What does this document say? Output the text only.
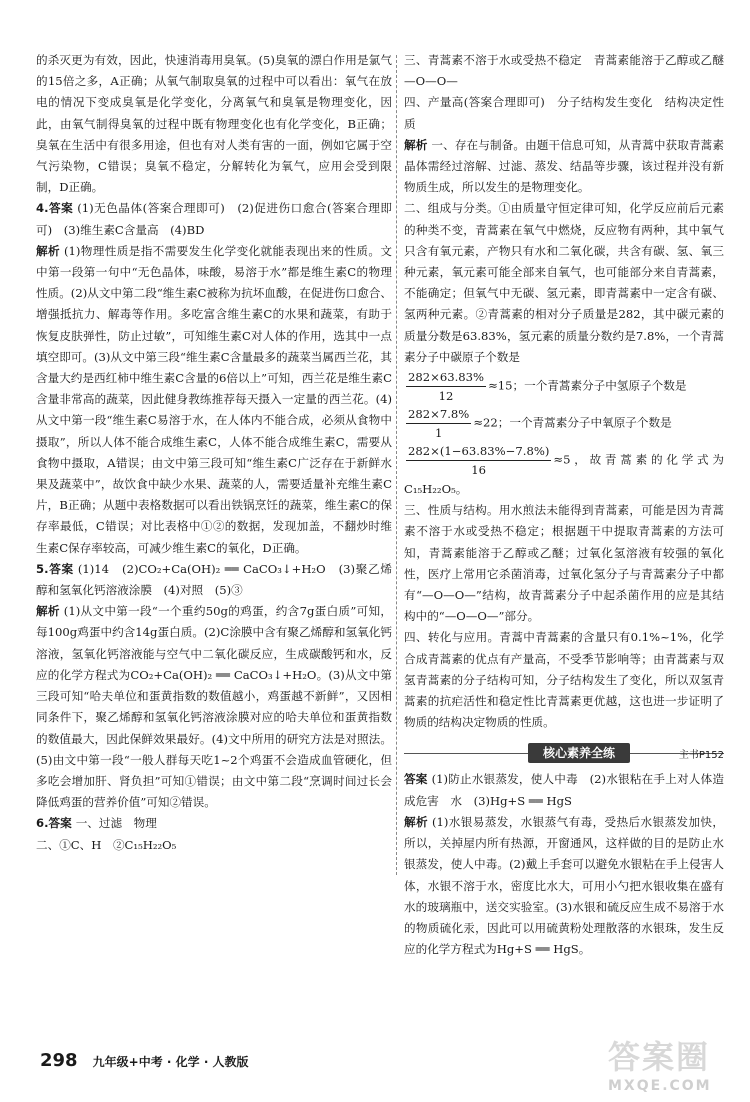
的杀灭更为有效，因此，快速消毒用臭氧。(5)臭氧的漂白作用是氯气的15倍之多，A正确；从氧气制取臭氧的过程中可以看出：氧气在放电的情况下变成臭氧是化学变化，分离氧气和臭氧是物理变化，因此，由氧气制得臭氧的过程中既有物理变化也有化学变化，B正确；臭氧在生活中有很多用途，但也有对人类有害的一面，例如它属于空气污染物，C错误；臭氧不稳定，分解转化为氧气，应用会受到限制，D正确。

4.答案 (1)无色晶体(答案合理即可)　(2)促进伤口愈合(答案合理即可)　(3)维生素C含量高　(4)BD

解析 (1)物理性质是指不需要发生化学变化就能表现出来的性质。文中第一段第一句中“无色晶体，味酸，易溶于水”都是维生素C的物理性质。(2)从文中第二段“维生素C被称为抗坏血酸，在促进伤口愈合、增强抵抗力、解毒等作用。多吃富含维生素C的水果和蔬菜，有助于恢复皮肤弹性，防止过敏”，可知维生素C对人体的作用，选其中一点填空即可。(3)从文中第三段“维生素C含量最多的蔬菜当属西兰花，其含量大约是西红柿中维生素C含量的6倍以上”可知，西兰花是维生素C含量非常高的蔬菜，因此健身教练推荐每天摄入一定量的西兰花。(4)从文中第一段“维生素C易溶于水，在人体内不能合成，必须从食物中摄取”，所以人体不能合成维生素C，人体不能合成维生素C，需要从食物中摄取，A错误；由文中第三段可知“维生素C广泛存在于新鲜水果及蔬菜中”，故饮食中缺少水果、蔬菜的人，需要适量补充维生素C片，B正确；从题中表格数据可以看出铁锅烹饪的蔬菜，维生素C的保存率最低，C错误；对比表格中①②的数据，发现加盖，不翻炒时维生素C保存率较高，可减少维生素C的氧化，D正确。

5.答案 (1)14　(2)CO₂+Ca(OH)₂ ══ CaCO₃↓+H₂O　(3)聚乙烯醇和氢氧化钙溶液涂膜　(4)对照　(5)③

解析 (1)从文中第一段“一个重约50g的鸡蛋，约含7g蛋白质”可知，每100g鸡蛋中约含14g蛋白质。(2)C涂膜中含有聚乙烯醇和氢氧化钙溶液，氢氧化钙溶液能与空气中二氧化碳反应，生成碳酸钙和水，反应的化学方程式为CO₂+Ca(OH)₂ ══ CaCO₃↓+H₂O。(3)从文中第三段可知“哈夫单位和蛋黄指数的数值越小，鸡蛋越不新鲜”，又因相同条件下，聚乙烯醇和氢氧化钙溶液涂膜对应的哈夫单位和蛋黄指数的数值最大，因此保鲜效果最好。(4)文中所用的研究方法是对照法。(5)由文中第一段“一般人群每天吃1~2个鸡蛋不会造成血管硬化，但多吃会增加肝、肾负担”可知①错误；由文中第二段“烹调时间过长会降低鸡蛋的营养价值”可知②错误。

6.答案 一、过滤　物理

二、①C、H　②C₁₅H₂₂O₅

三、青蒿素不溶于水或受热不稳定　青蒿素能溶于乙醇或乙醚　—O—O—

四、产量高(答案合理即可)　分子结构发生变化　结构决定性质

解析 一、存在与制备。由题干信息可知，从青蒿中获取青蒿素晶体需经过溶解、过滤、蒸发、结晶等步骤，该过程并没有新物质生成，所以发生的是物理变化。

二、组成与分类。①由质量守恒定律可知，化学反应前后元素的种类不变，青蒿素在氧气中燃烧，反应物有两种，其中氧气只含有氧元素，产物只有水和二氧化碳，共含有碳、氢、氧三种元素，氧元素可能全部来自氧气，也可能部分来自青蒿素，不能确定；但氧气中无碳、氢元素，即青蒿素中一定含有碳、氢两种元素。②青蒿素的相对分子质量是282，其中碳元素的质量分数是63.83%，氢元素的质量分数约是7.8%，一个青蒿素分子中碳原子个数是

$\frac{282\times 63.83\%}{12} \approx 15$；一个青蒿素分子中氢原子个数是

$\frac{282\times 7.8\%}{1} \approx 22$；一个青蒿素分子中氧原子个数是

$\frac{282\times(1-63.83\%-7.8\%)}{16} \approx 5$，故青蒿素的化学式为C₁₅H₂₂O₅。

三、性质与结构。用水煎法未能得到青蒿素，可能是因为青蒿素不溶于水或受热不稳定；根据题干中提取青蒿素的方法可知，青蒿素能溶于乙醇或乙醚；过氧化氢溶液有较强的氧化性，医疗上常用它杀菌消毒，过氧化氢分子与青蒿素分子中都有“—O—O—”结构，故青蒿素分子中起杀菌作用的应是其结构中的“—O—O—”部分。

四、转化与应用。青蒿中青蒿素的含量只有0.1%~1%，化学合成青蒿素的优点有产量高，不受季节影响等；由青蒿素与双氢青蒿素的分子结构可知，分子结构发生了变化，所以双氢青蒿素的抗疟活性和稳定性比青蒿素更优越，这也进一步证明了物质的结构决定物质的性质。

核心素养全练	主书P152

答案 (1)防止水银蒸发，使人中毒　(2)水银粘在手上对人体造成危害　水　(3)Hg+S ══ HgS

解析 (1)水银易蒸发，水银蒸气有毒，受热后水银蒸发加快，所以，关掉屋内所有热源，开窗通风，这样做的目的是防止水银蒸发，使人中毒。(2)戴上手套可以避免水银粘在手上侵害人体，水银不溶于水，密度比水大，可用小勺把水银收集在盛有水的玻璃瓶中，送交实验室。(3)水银和硫反应生成不易溶于水的物质硫化汞，因此可以用硫黄粉处理散落的水银珠，发生反应的化学方程式为Hg+S ══ HgS。

298 九年级+中考 · 化学 · 人教版	答案圈
MXQE.COM
